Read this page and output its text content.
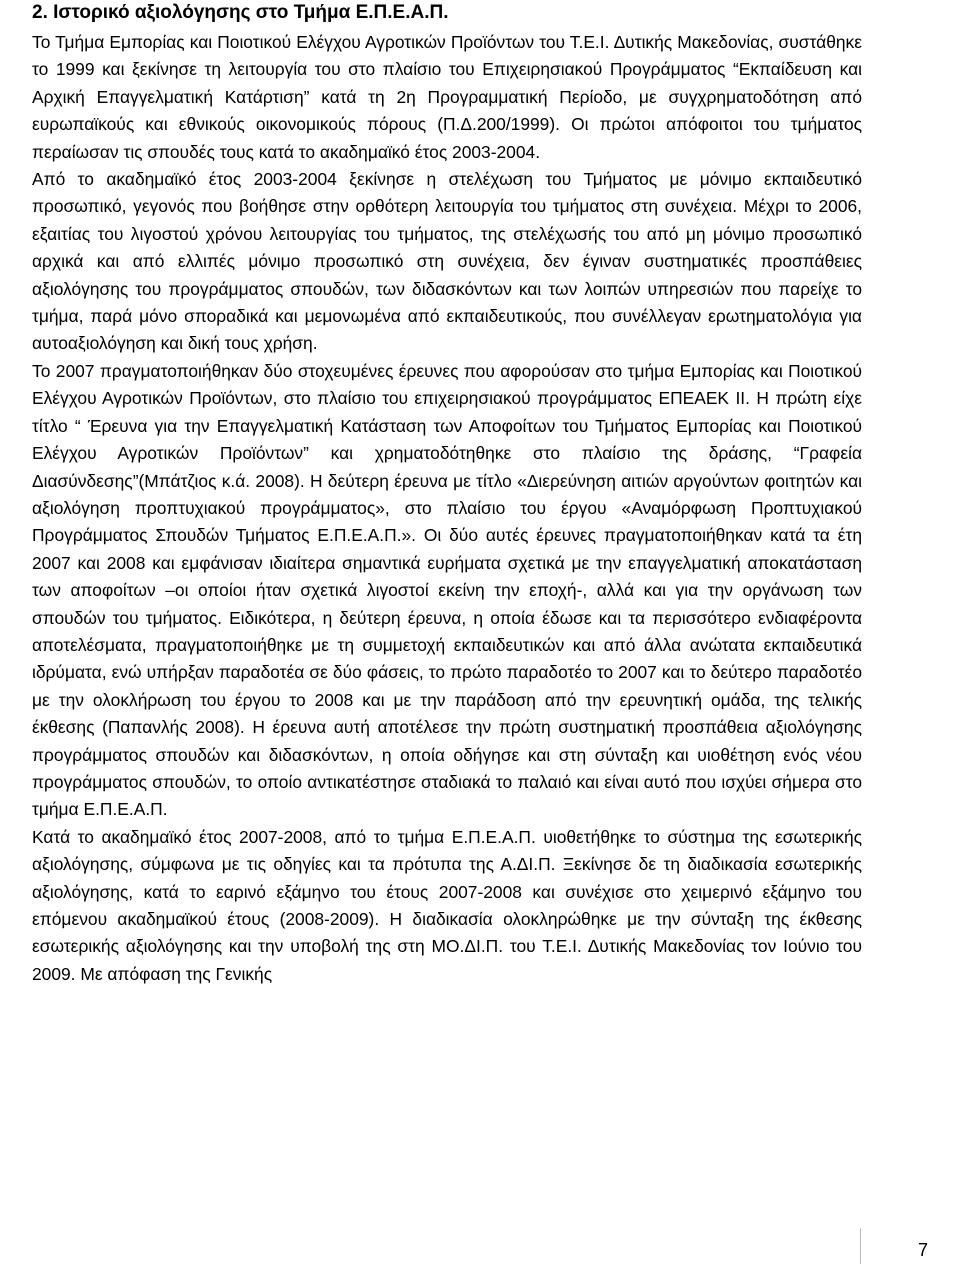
2. Ιστορικό αξιολόγησης στο Τμήμα Ε.Π.Ε.Α.Π.

Το Τμήμα Εμπορίας και Ποιοτικού Ελέγχου Αγροτικών Προϊόντων του Τ.Ε.Ι. Δυτικής Μακεδονίας, συστάθηκε το 1999 και ξεκίνησε τη λειτουργία του στο πλαίσιο του Επιχειρησιακού Προγράμματος “Εκπαίδευση και Αρχική Επαγγελματική Κατάρτιση” κατά τη 2η Προγραμματική Περίοδο, με συγχρηματοδότηση από ευρωπαϊκούς και εθνικούς οικονομικούς πόρους (Π.Δ.200/1999). Οι πρώτοι απόφοιτοι του τμήματος περαίωσαν τις σπουδές τους κατά το ακαδημαϊκό έτος 2003-2004.

Από το ακαδημαϊκό έτος 2003-2004 ξεκίνησε η στελέχωση του Τμήματος με μόνιμο εκπαιδευτικό προσωπικό, γεγονός που βοήθησε στην ορθότερη λειτουργία του τμήματος στη συνέχεια. Μέχρι το 2006, εξαιτίας του λιγοστού χρόνου λειτουργίας του τμήματος, της στελέχωσής του από μη μόνιμο προσωπικό αρχικά και από ελλιπές μόνιμο προσωπικό στη συνέχεια, δεν έγιναν συστηματικές προσπάθειες αξιολόγησης του προγράμματος σπουδών, των διδασκόντων και των λοιπών υπηρεσιών που παρείχε το τμήμα, παρά μόνο σποραδικά και μεμονωμένα από εκπαιδευτικούς, που συνέλλεγαν ερωτηματολόγια για αυτοαξιολόγηση και δική τους χρήση.

Το 2007 πραγματοποιήθηκαν δύο στοχευμένες έρευνες που αφορούσαν στο τμήμα Εμπορίας και Ποιοτικού Ελέγχου Αγροτικών Προϊόντων, στο πλαίσιο του επιχειρησιακού προγράμματος ΕΠΕΑΕΚ ΙΙ. Η πρώτη είχε τίτλο “ Έρευνα για την Επαγγελματική Κατάσταση των Αποφοίτων του Τμήματος Εμπορίας και Ποιοτικού Ελέγχου Αγροτικών Προϊόντων” και χρηματοδότηθηκε στο πλαίσιο της δράσης, “Γραφεία Διασύνδεσης”(Μπάτζιος κ.ά. 2008). Η δεύτερη έρευνα με τίτλο «Διερεύνηση αιτιών αργούντων φοιτητών και αξιολόγηση προπτυχιακού προγράμματος», στο πλαίσιο του έργου «Αναμόρφωση Προπτυχιακού Προγράμματος Σπουδών Τμήματος Ε.Π.Ε.Α.Π.». Οι δύο αυτές έρευνες πραγματοποιήθηκαν κατά τα έτη 2007 και 2008 και εμφάνισαν ιδιαίτερα σημαντικά ευρήματα σχετικά με την επαγγελματική αποκατάσταση των αποφοίτων –οι οποίοι ήταν σχετικά λιγοστοί εκείνη την εποχή-, αλλά και για την οργάνωση των σπουδών του τμήματος. Ειδικότερα, η δεύτερη έρευνα, η οποία έδωσε και τα περισσότερο ενδιαφέροντα αποτελέσματα, πραγματοποιήθηκε με τη συμμετοχή εκπαιδευτικών και από άλλα ανώτατα εκπαιδευτικά ιδρύματα, ενώ υπήρξαν παραδοτέα σε δύο φάσεις, το πρώτο παραδοτέο το 2007 και το δεύτερο παραδοτέο με την ολοκλήρωση του έργου το 2008 και με την παράδοση από την ερευνητική ομάδα, της τελικής έκθεσης (Παπανλής 2008). Η έρευνα αυτή αποτέλεσε την πρώτη συστηματική προσπάθεια αξιολόγησης προγράμματος σπουδών και διδασκόντων, η οποία οδήγησε και στη σύνταξη και υιοθέτηση ενός νέου προγράμματος σπουδών, το οποίο αντικατέστησε σταδιακά το παλαιό και είναι αυτό που ισχύει σήμερα στο τμήμα Ε.Π.Ε.Α.Π.

Κατά το ακαδημαϊκό έτος 2007-2008, από το τμήμα Ε.Π.Ε.Α.Π. υιοθετήθηκε το σύστημα της εσωτερικής αξιολόγησης, σύμφωνα με τις οδηγίες και τα πρότυπα της Α.ΔΙ.Π. Ξεκίνησε δε τη διαδικασία εσωτερικής αξιολόγησης, κατά το εαρινό εξάμηνο του έτους 2007-2008 και συνέχισε στο χειμερινό εξάμηνο του επόμενου ακαδημαϊκού έτους (2008-2009). Η διαδικασία ολοκληρώθηκε με την σύνταξη της έκθεσης εσωτερικής αξιολόγησης και την υποβολή της στη ΜΟ.ΔΙ.Π. του Τ.Ε.Ι. Δυτικής Μακεδονίας τον Ιούνιο του 2009. Με απόφαση της Γενικής

7
